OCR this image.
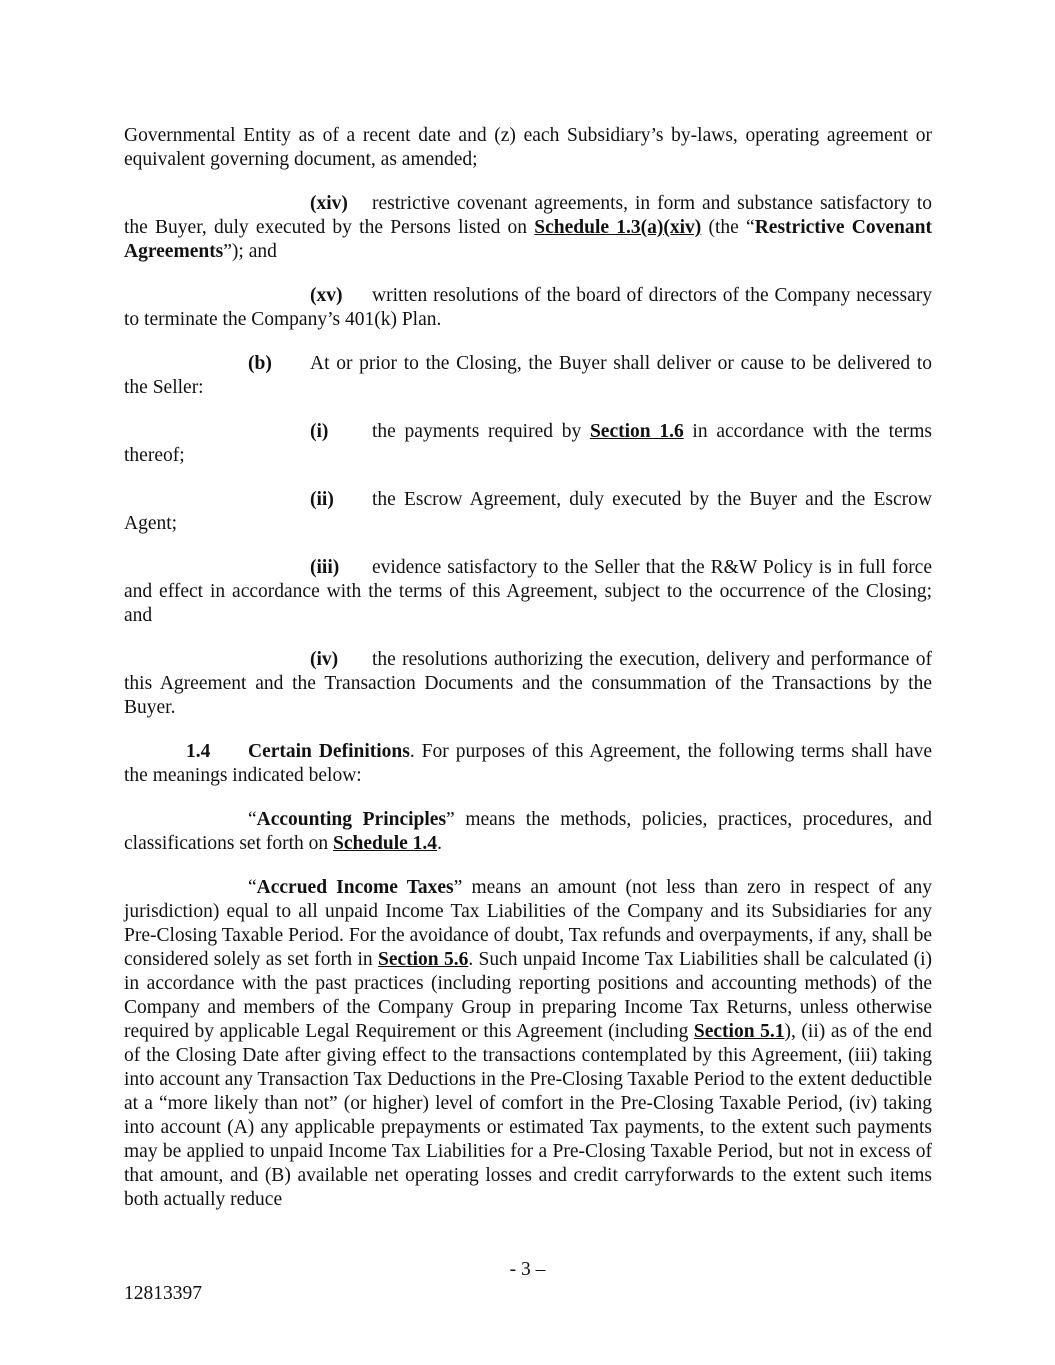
Governmental Entity as of a recent date and (z) each Subsidiary’s by-laws, operating agreement or equivalent governing document, as amended;

(xiv) restrictive covenant agreements, in form and substance satisfactory to the Buyer, duly executed by the Persons listed on Schedule 1.3(a)(xiv) (the “Restrictive Covenant Agreements”); and

(xv) written resolutions of the board of directors of the Company necessary to terminate the Company’s 401(k) Plan.

(b) At or prior to the Closing, the Buyer shall deliver or cause to be delivered to the Seller:

(i) the payments required by Section 1.6 in accordance with the terms thereof;

(ii) the Escrow Agreement, duly executed by the Buyer and the Escrow Agent;

(iii) evidence satisfactory to the Seller that the R&W Policy is in full force and effect in accordance with the terms of this Agreement, subject to the occurrence of the Closing; and

(iv) the resolutions authorizing the execution, delivery and performance of this Agreement and the Transaction Documents and the consummation of the Transactions by the Buyer.

1.4 Certain Definitions. For purposes of this Agreement, the following terms shall have the meanings indicated below:

“Accounting Principles” means the methods, policies, practices, procedures, and classifications set forth on Schedule 1.4.

“Accrued Income Taxes” means an amount (not less than zero in respect of any jurisdiction) equal to all unpaid Income Tax Liabilities of the Company and its Subsidiaries for any Pre-Closing Taxable Period. For the avoidance of doubt, Tax refunds and overpayments, if any, shall be considered solely as set forth in Section 5.6. Such unpaid Income Tax Liabilities shall be calculated (i) in accordance with the past practices (including reporting positions and accounting methods) of the Company and members of the Company Group in preparing Income Tax Returns, unless otherwise required by applicable Legal Requirement or this Agreement (including Section 5.1), (ii) as of the end of the Closing Date after giving effect to the transactions contemplated by this Agreement, (iii) taking into account any Transaction Tax Deductions in the Pre-Closing Taxable Period to the extent deductible at a “more likely than not” (or higher) level of comfort in the Pre-Closing Taxable Period, (iv) taking into account (A) any applicable prepayments or estimated Tax payments, to the extent such payments may be applied to unpaid Income Tax Liabilities for a Pre-Closing Taxable Period, but not in excess of that amount, and (B) available net operating losses and credit carryforwards to the extent such items both actually reduce

- 3 –
12813397
